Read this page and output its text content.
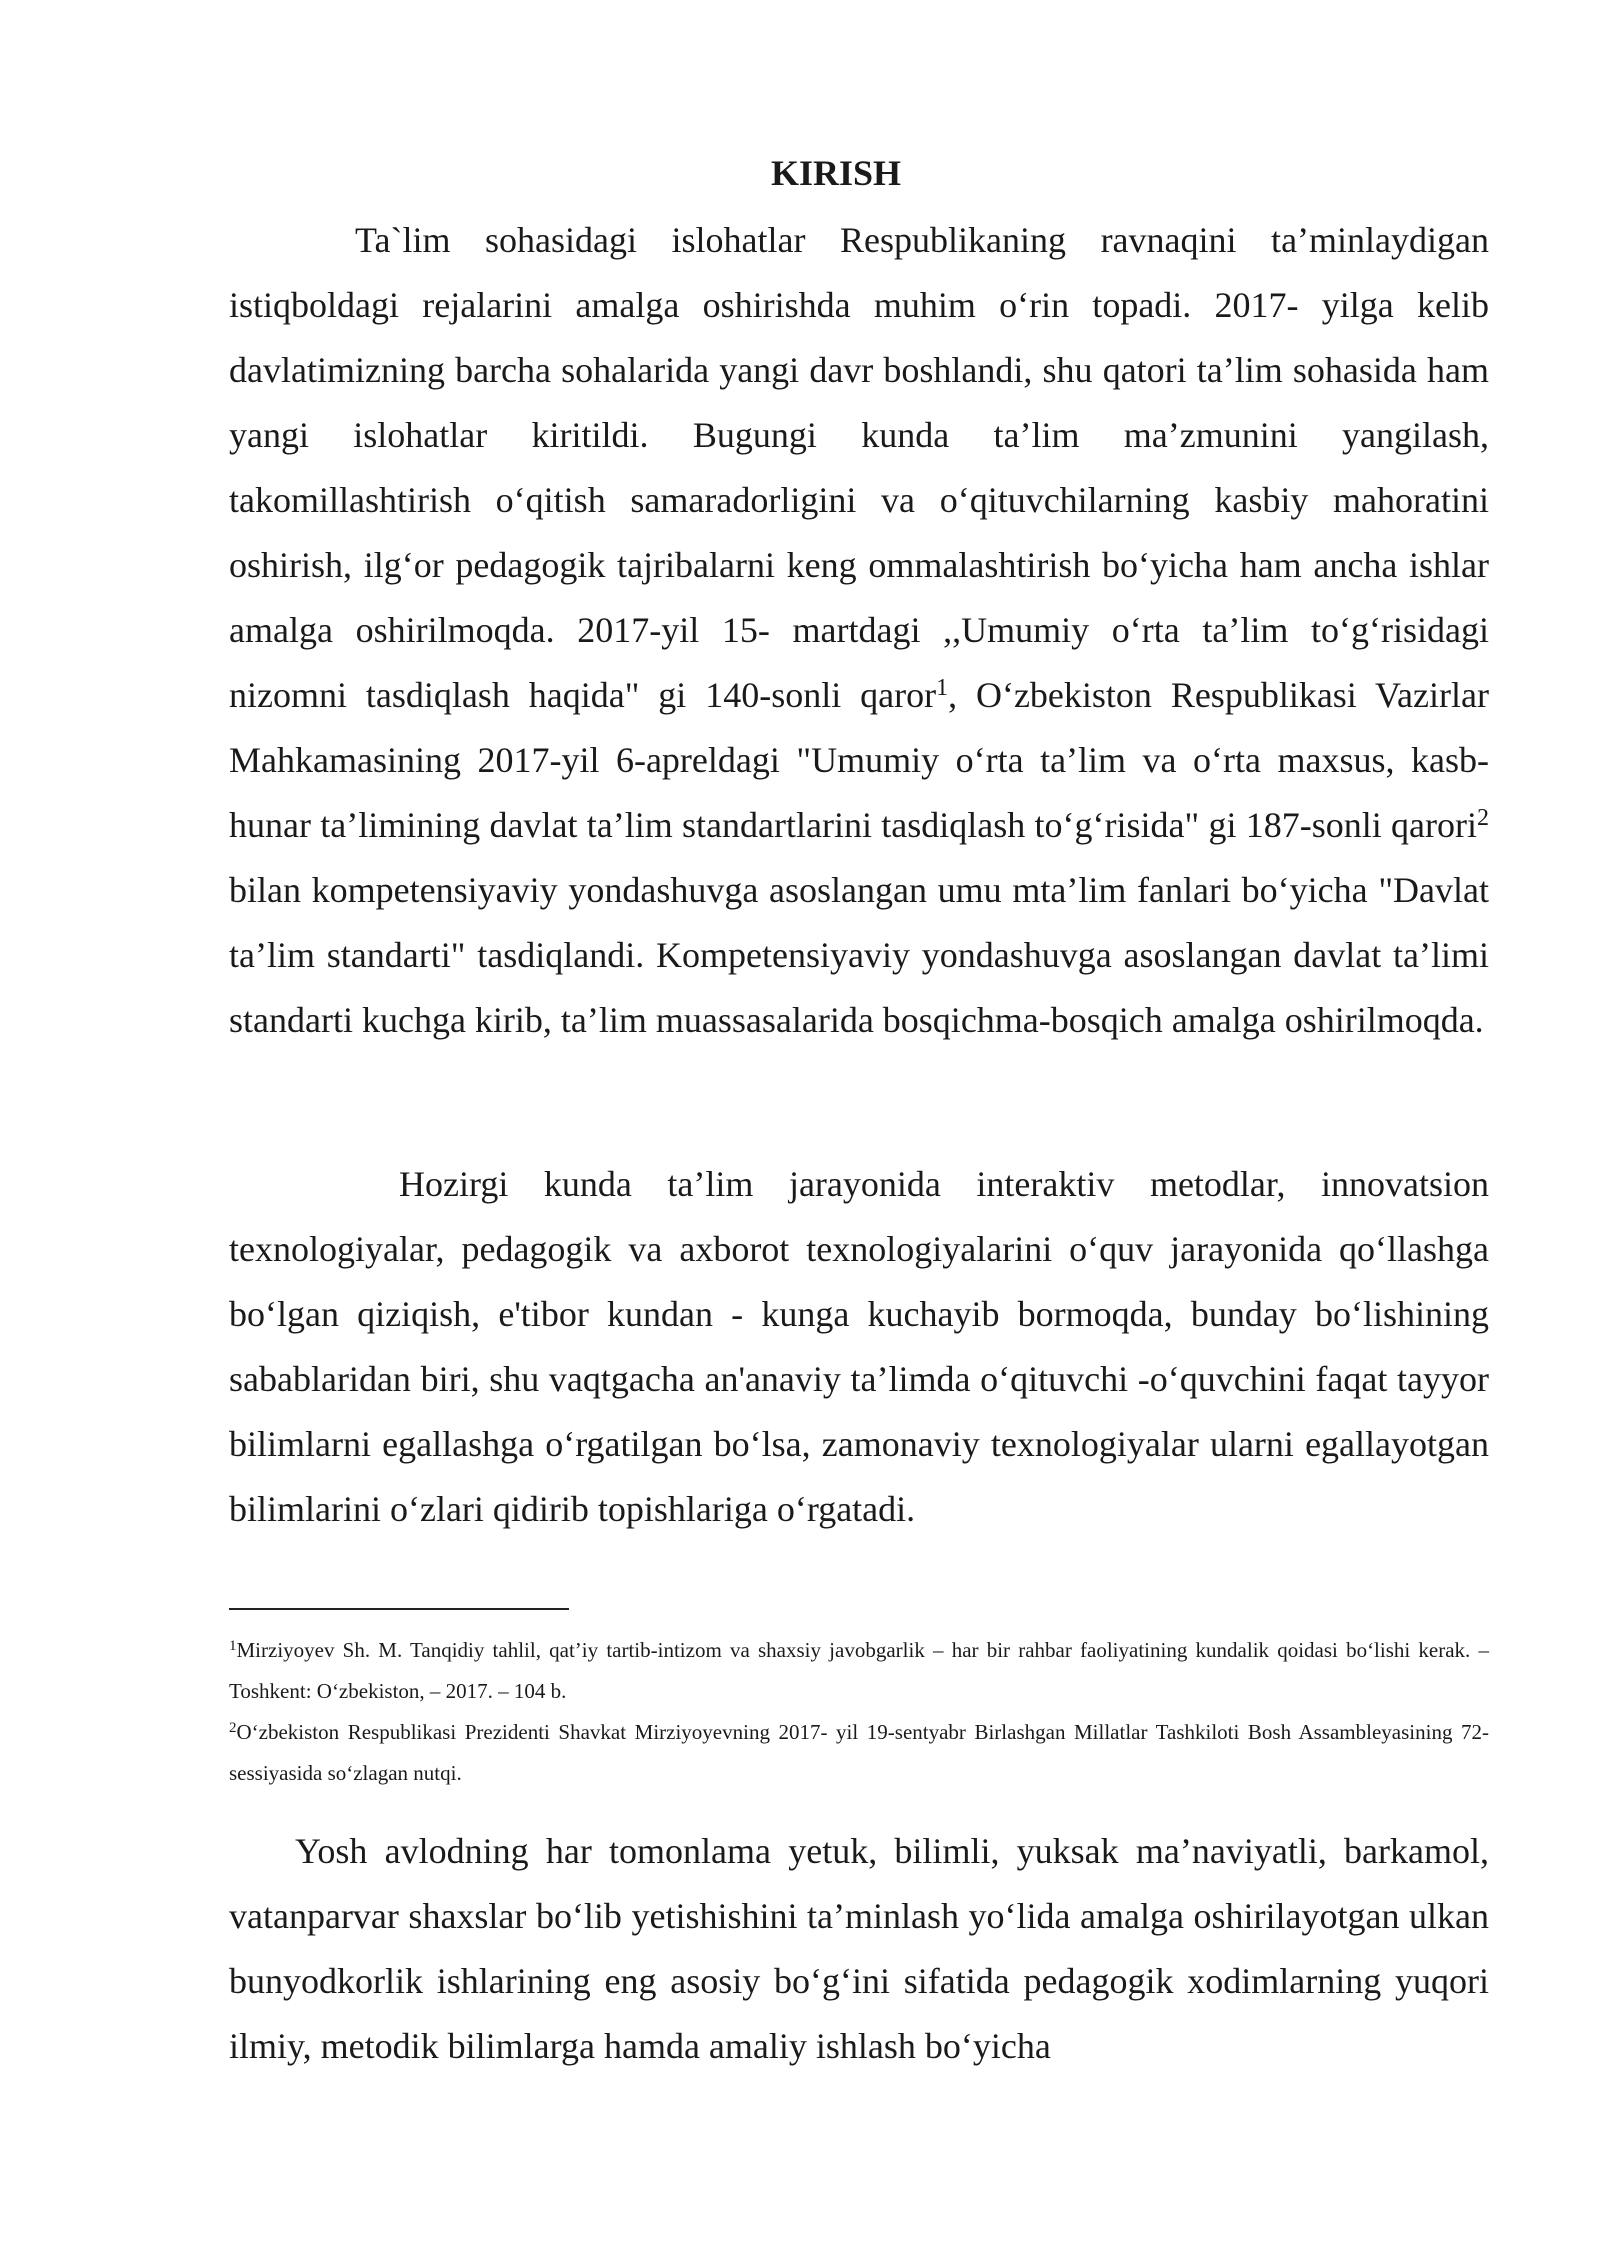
KIRISH

Ta`lim sohasidagi islohatlar Respublikaning ravnaqini ta’minlaydigan istiqboldagi rejalarini amalga oshirishda muhim o‘rin topadi. 2017- yilga kelib davlatimizning barcha sohalarida yangi davr boshlandi, shu qatori ta’lim sohasida ham yangi islohatlar kiritildi. Bugungi kunda ta’lim ma’zmunini yangilash, takomillashtirish o‘qitish samaradorligini va o‘qituvchilarning kasbiy mahoratini oshirish, ilg‘or pedagogik tajribalarni keng ommalashtirish bo‘yicha ham ancha ishlar amalga oshirilmoqda. 2017-yil 15- martdagi ,,Umumiy o‘rta ta’lim to‘g‘risidagi nizomni tasdiqlash haqida" gi 140-sonli qaror$^1$, O‘zbekiston Respublikasi Vazirlar Mahkamasining 2017-yil 6-apreldagi "Umumiy o‘rta ta’lim va o‘rta maxsus, kasb-hunar ta’limining davlat ta’lim standartlarini tasdiqlash to‘g‘risida" gi 187-sonli qarori$^2$ bilan kompetensiyaviy yondashuvga asoslangan umu mta’lim fanlari bo‘yicha "Davlat ta’lim standarti" tasdiqlandi. Kompetensiyaviy yondashuvga asoslangan davlat ta’limi standarti kuchga kirib, ta’lim muassasalarida bosqichma-bosqich amalga oshirilmoqda.

Hozirgi kunda ta’lim jarayonida interaktiv metodlar, innovatsion texnologiyalar, pedagogik va axborot texnologiyalarini o‘quv jarayonida qo‘llashga bo‘lgan qiziqish, e'tibor kundan - kunga kuchayib bormoqda, bunday bo‘lishining sabablaridan biri, shu vaqtgacha an'anaviy ta’limda o‘qituvchi -o‘quvchini faqat tayyor bilimlarni egallashga o‘rgatilgan bo‘lsa, zamonaviy texnologiyalar ularni egallayotgan bilimlarini o‘zlari qidirib topishlariga o‘rgatadi.

$^1$Mirziyoyev Sh. M. Tanqidiy tahlil, qat’iy tartib-intizom va shaxsiy javobgarlik – har bir rahbar faoliyatining kundalik qoidasi bo‘lishi kerak. – Toshkent: O‘zbekiston, – 2017. – 104 b.

$^2$O‘zbekiston Respublikasi Prezidenti Shavkat Mirziyoyevning 2017- yil 19-sentyabr Birlashgan Millatlar Tashkiloti Bosh Assambleyasining 72-sessiyasida so‘zlagan nutqi.

Yosh avlodning har tomonlama yetuk, bilimli, yuksak ma’naviyatli, barkamol, vatanparvar shaxslar bo‘lib yetishishini ta’minlash yo‘lida amalga oshirilayotgan ulkan bunyodkorlik ishlarining eng asosiy bo‘g‘ini sifatida pedagogik xodimlarning yuqori ilmiy, metodik bilimlarga hamda amaliy ishlash bo‘yicha
